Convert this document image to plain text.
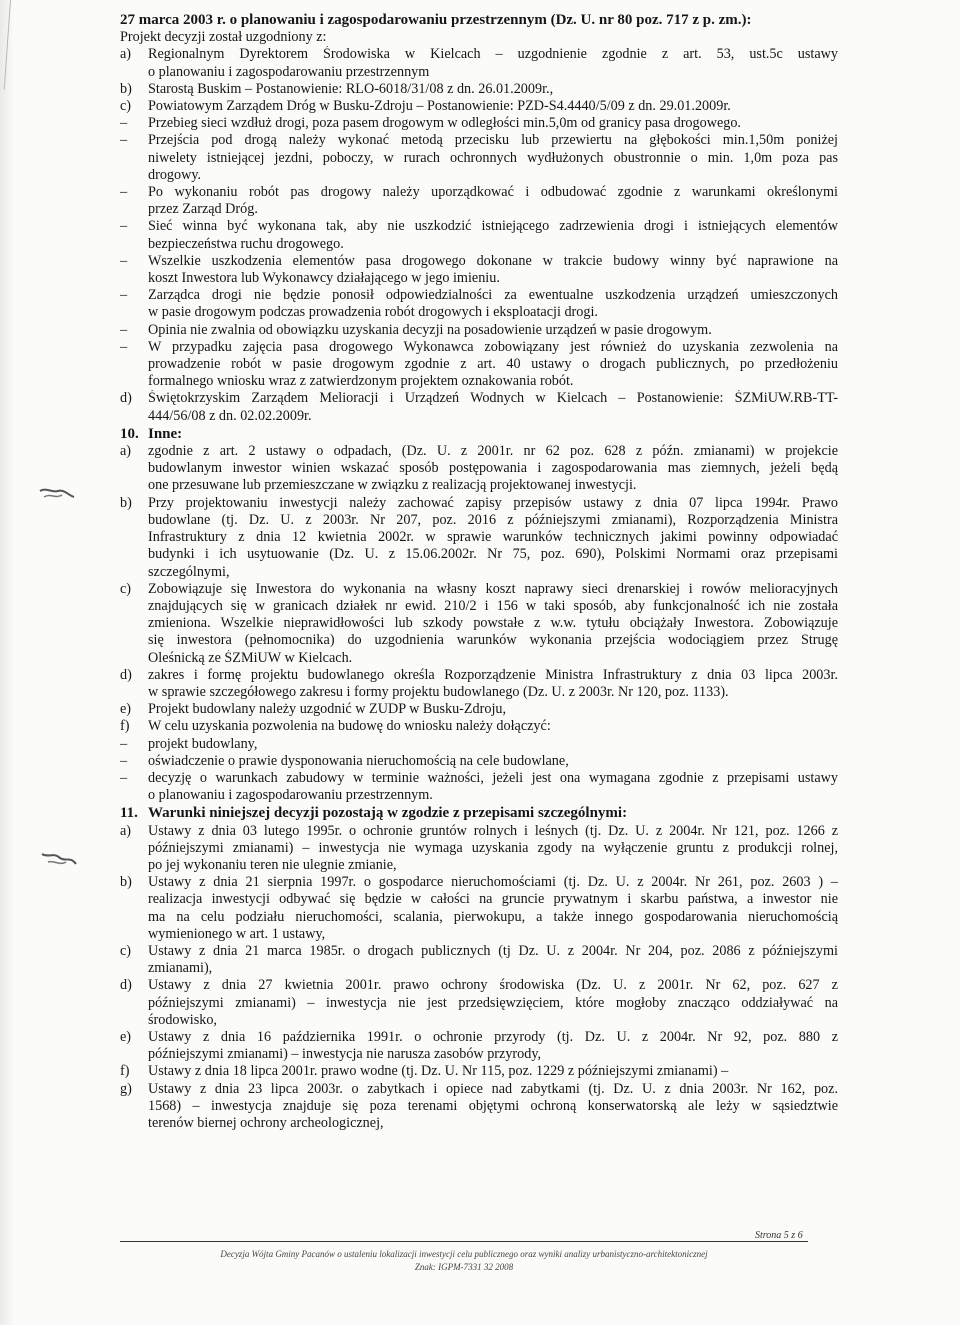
27 marca 2003 r. o planowaniu i zagospodarowaniu przestrzennym (Dz. U. nr 80 poz. 717 z p. zm.):
Projekt decyzji został uzgodniony z:
a)	Regionalnym Dyrektorem Środowiska w Kielcach – uzgodnienie zgodnie z art. 53, ust.5c ustawy
o planowaniu i zagospodarowaniu przestrzennym
b)	Starostą Buskim – Postanowienie: RLO-6018/31/08 z dn. 26.01.2009r.,
c)	Powiatowym Zarządem Dróg w Busku-Zdroju – Postanowienie: PZD-S4.4440/5/09 z dn. 29.01.2009r.
–	Przebieg sieci wzdłuż drogi, poza pasem drogowym w odległości min.5,0m od granicy pasa drogowego.
–	Przejścia pod drogą należy wykonać metodą przecisku lub przewiertu na głębokości min.1,50m poniżej
niwelety istniejącej jezdni, poboczy, w rurach ochronnych wydłużonych obustronnie o min. 1,0m poza pas
drogowy.
–	Po wykonaniu robót pas drogowy należy uporządkować i odbudować zgodnie z warunkami określonymi
przez Zarząd Dróg.
–	Sieć winna być wykonana tak, aby nie uszkodzić istniejącego zadrzewienia drogi i istniejących elementów
bezpieczeństwa ruchu drogowego.
–	Wszelkie uszkodzenia elementów pasa drogowego dokonane w trakcie budowy winny być naprawione na
koszt Inwestora lub Wykonawcy działającego w jego imieniu.
–	Zarządca drogi nie będzie ponosił odpowiedzialności za ewentualne uszkodzenia urządzeń umieszczonych
w pasie drogowym podczas prowadzenia robót drogowych i eksploatacji drogi.
–	Opinia nie zwalnia od obowiązku uzyskania decyzji na posadowienie urządzeń w pasie drogowym.
–	W przypadku zajęcia pasa drogowego Wykonawca zobowiązany jest również do uzyskania zezwolenia na
prowadzenie robót w pasie drogowym zgodnie z art. 40 ustawy o drogach publicznych, po przedłożeniu
formalnego wniosku wraz z zatwierdzonym projektem oznakowania robót.
d)	Świętokrzyskim Zarządem Melioracji i Urządzeń Wodnych w Kielcach – Postanowienie: ŚZMiUW.RB-TT-
444/56/08 z dn. 02.02.2009r.
10. Inne:
a)	zgodnie z art. 2 ustawy o odpadach, (Dz. U. z 2001r. nr 62 poz. 628 z późn. zmianami) w projekcie
budowlanym inwestor winien wskazać sposób postępowania i zagospodarowania mas ziemnych, jeżeli będą
one przesuwane lub przemieszczane w związku z realizacją projektowanej inwestycji.
b)	Przy projektowaniu inwestycji należy zachować zapisy przepisów ustawy z dnia 07 lipca 1994r. Prawo
budowlane (tj. Dz. U. z 2003r. Nr 207, poz. 2016 z późniejszymi zmianami), Rozporządzenia Ministra
Infrastruktury z dnia 12 kwietnia 2002r. w sprawie warunków technicznych jakimi powinny odpowiadać
budynki i ich usytuowanie (Dz. U. z 15.06.2002r. Nr 75, poz. 690), Polskimi Normami oraz przepisami
szczególnymi,
c)	Zobowiązuje się Inwestora do wykonania na własny koszt naprawy sieci drenarskiej i rowów melioracyjnych
znajdujących się w granicach działek nr ewid. 210/2 i 156 w taki sposób, aby funkcjonalność ich nie została
zmieniona. Wszelkie nieprawidłowości lub szkody powstałe z w.w. tytułu obciążały Inwestora. Zobowiązuje
się inwestora (pełnomocnika) do uzgodnienia warunków wykonania przejścia wodociągiem przez Strugę
Oleśnicką ze ŚZMiUW w Kielcach.
d)	zakres i formę projektu budowlanego określa Rozporządzenie Ministra Infrastruktury z dnia 03 lipca 2003r.
w sprawie szczegółowego zakresu i formy projektu budowlanego (Dz. U. z 2003r. Nr 120, poz. 1133).
e)	Projekt budowlany należy uzgodnić w ZUDP w Busku-Zdroju,
f)	W celu uzyskania pozwolenia na budowę do wniosku należy dołączyć:
–	projekt budowlany,
–	oświadczenie o prawie dysponowania nieruchomością na cele budowlane,
–	decyzję o warunkach zabudowy w terminie ważności, jeżeli jest ona wymagana zgodnie z przepisami ustawy
o planowaniu i zagospodarowaniu przestrzennym.
11. Warunki niniejszej decyzji pozostają w zgodzie z przepisami szczególnymi:
a)	Ustawy z dnia 03 lutego 1995r. o ochronie gruntów rolnych i leśnych (tj. Dz. U. z 2004r. Nr 121, poz. 1266 z
późniejszymi zmianami) – inwestycja nie wymaga uzyskania zgody na wyłączenie gruntu z produkcji rolnej,
po jej wykonaniu teren nie ulegnie zmianie,
b)	Ustawy z dnia 21 sierpnia 1997r. o gospodarce nieruchomościami (tj. Dz. U. z 2004r. Nr 261, poz. 2603 ) –
realizacja inwestycji odbywać się będzie w całości na gruncie prywatnym i skarbu państwa, a inwestor nie
ma na celu podziału nieruchomości, scalania, pierwokupu, a także innego gospodarowania nieruchomością
wymienionego w art. 1 ustawy,
c)	Ustawy z dnia 21 marca 1985r. o drogach publicznych (tj Dz. U. z 2004r. Nr 204, poz. 2086 z późniejszymi
zmianami),
d)	Ustawy z dnia 27 kwietnia 2001r. prawo ochrony środowiska (Dz. U. z 2001r. Nr 62, poz. 627 z
późniejszymi zmianami) – inwestycja nie jest przedsięwzięciem, które mogłoby znacząco oddziaływać na
środowisko,
e)	Ustawy z dnia 16 października 1991r. o ochronie przyrody (tj. Dz. U. z 2004r. Nr 92, poz. 880 z
późniejszymi zmianami) – inwestycja nie narusza zasobów przyrody,
f)	Ustawy z dnia 18 lipca 2001r. prawo wodne (tj. Dz. U. Nr 115, poz. 1229 z późniejszymi zmianami) –
g)	Ustawy z dnia 23 lipca 2003r. o zabytkach i opiece nad zabytkami (tj. Dz. U. z dnia 2003r. Nr 162, poz.
1568) – inwestycja znajduje się poza terenami objętymi ochroną konserwatorską ale leży w sąsiedztwie
terenów biernej ochrony archeologicznej,
Strona 5 z 6
Decyzja Wójta Gminy Pacanów o ustaleniu lokalizacji inwestycji celu publicznego oraz wyniki analizy urbanistyczno-architektonicznej
Znak: IGPM-7331 32 2008
